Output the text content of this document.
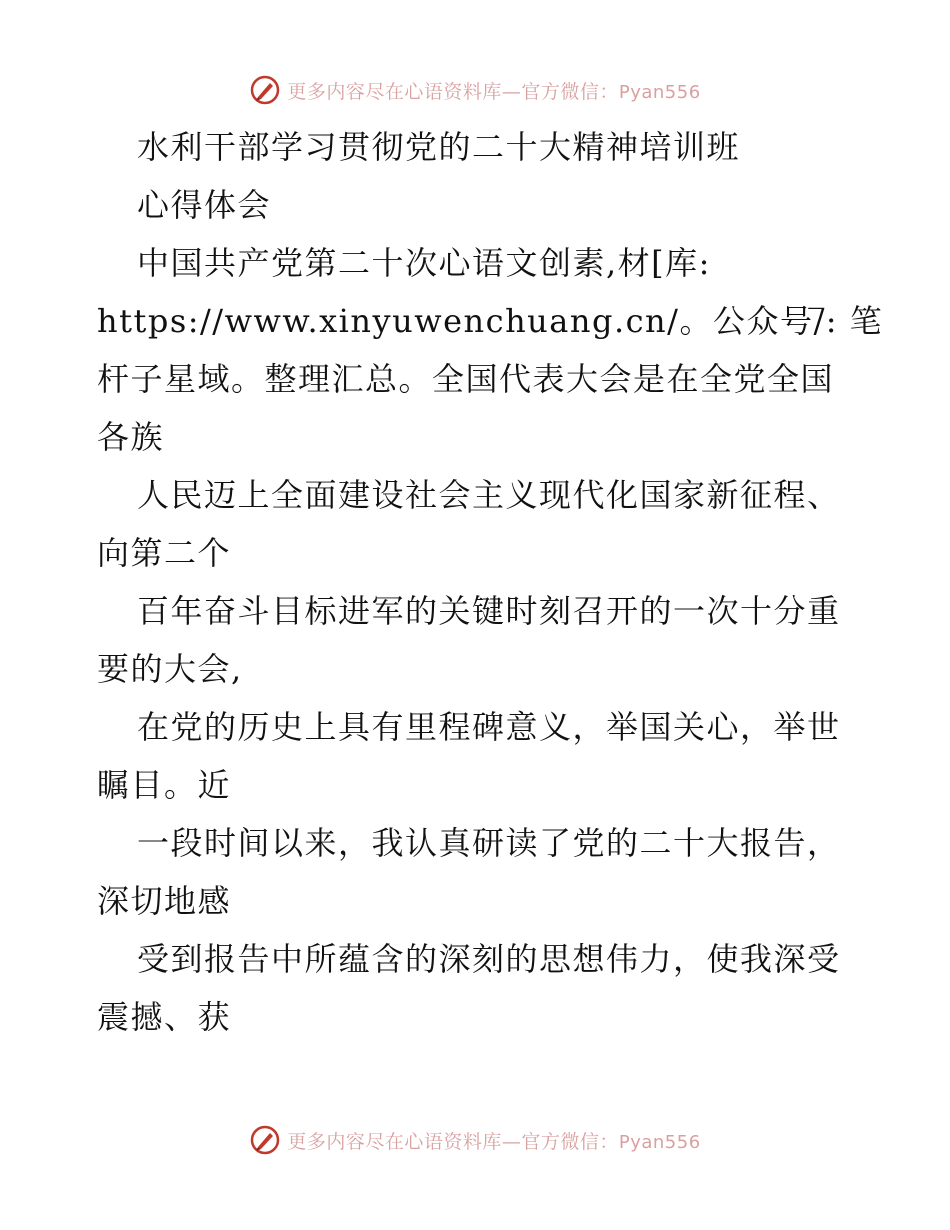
更多内容尽在心语资料库—官方微信：Pyan556
水利干部学习贯彻党的二十大精神培训班
心得体会
中国共产党第二十次心语文创素,材[库:
https://www.xinyuwenchuang.cn/。公众号/̅: 笔
杆子星域。整理汇总。全国代表大会是在全党全国
各族
人民迈上全面建设社会主义现代化国家新征程、
向第二个
百年奋斗目标进军的关键时刻召开的一次十分重
要的大会,
在党的历史上具有里程碑意义，举国关心，举世
瞩目。近
一段时间以来，我认真研读了党的二十大报告，
深切地感
受到报告中所蕴含的深刻的思想伟力，使我深受
震撼、获
更多内容尽在心语资料库—官方微信：Pyan556
